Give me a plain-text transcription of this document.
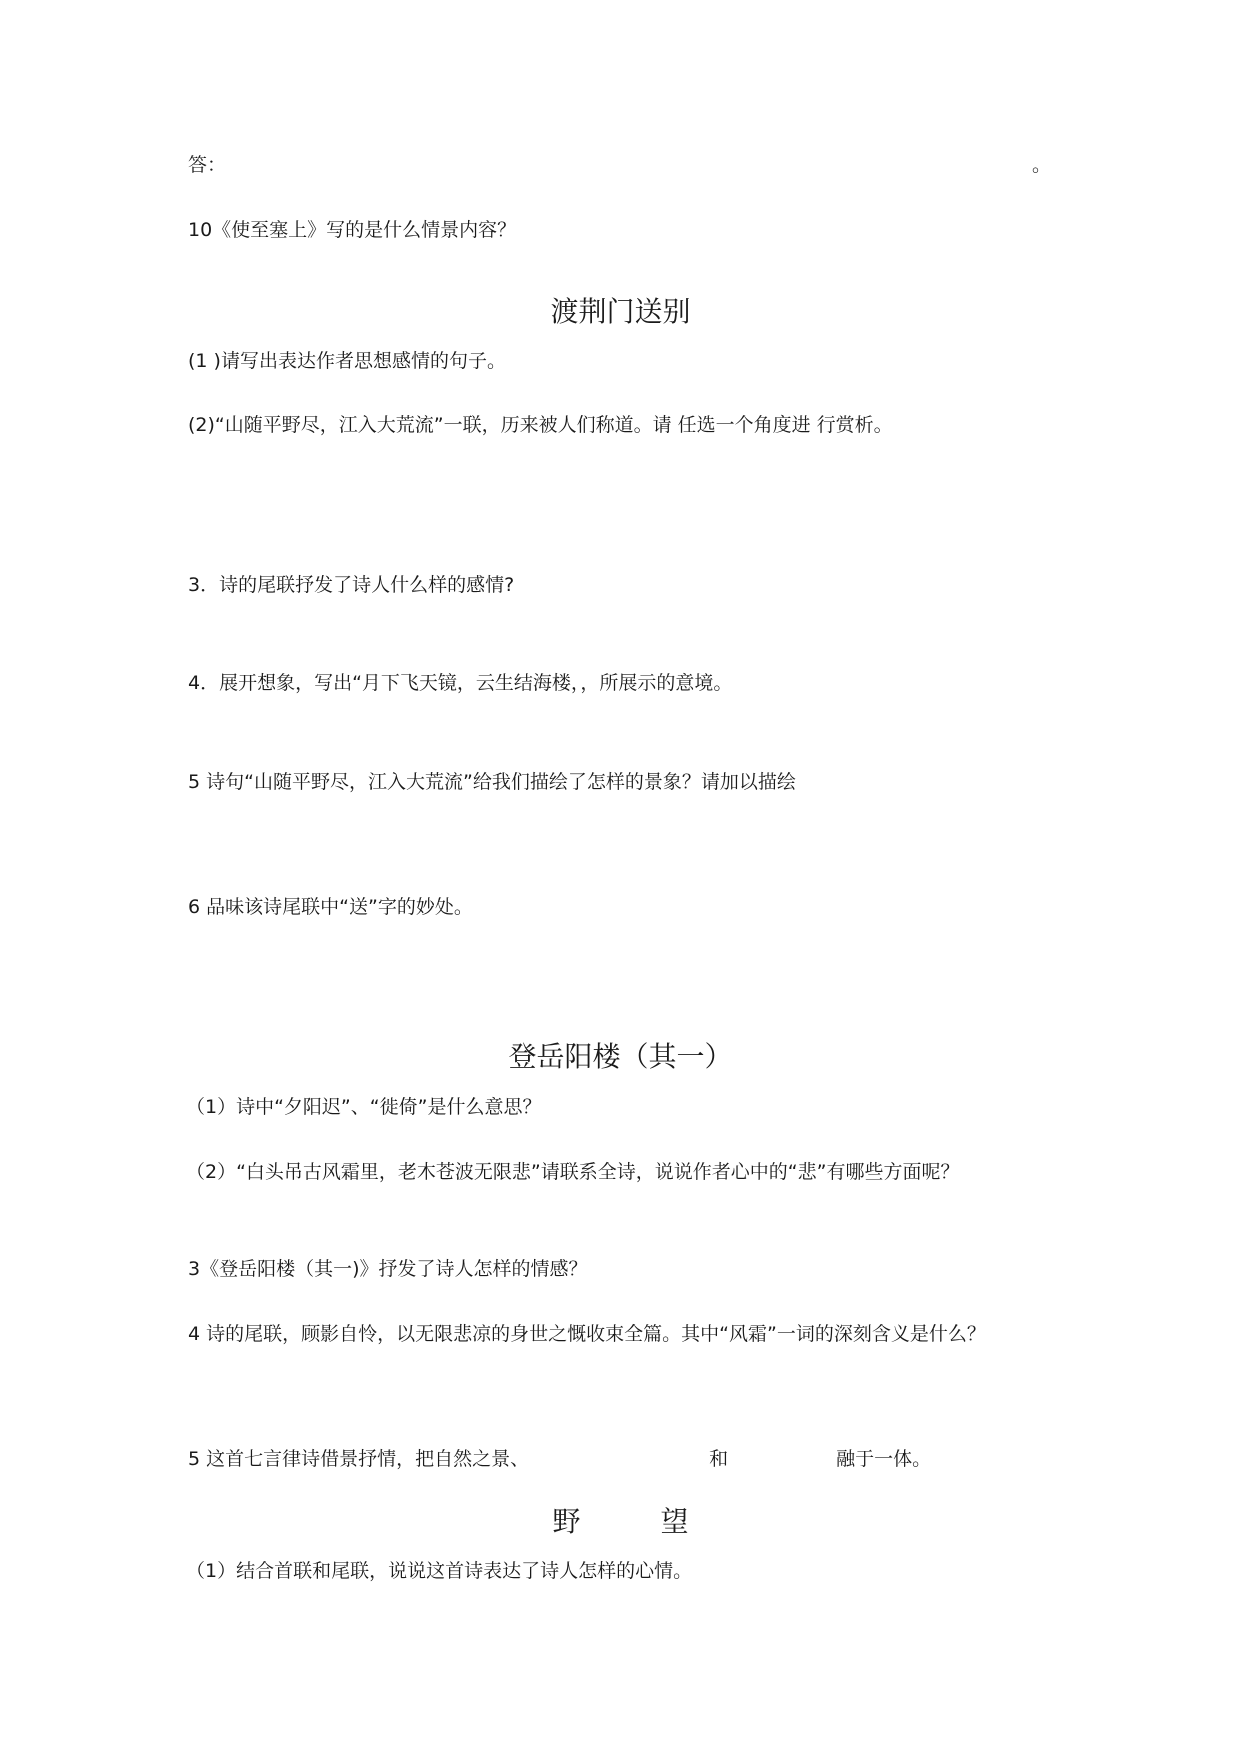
答：	。

10《使至塞上》写的是什么情景内容？

渡荆门送别

(1 )请写出表达作者思想感情的句子。

(2)“山随平野尽，江入大荒流”一联，历来被人们称道。请 任选一个角度进 行赏析。

3．诗的尾联抒发了诗人什么样的感情?

4．展开想象，写出“月下飞天镜，云生结海楼，，所展示的意境。

5 诗句“山随平野尽，江入大荒流”给我们描绘了怎样的景象？请加以描绘

6 品味该诗尾联中“送”字的妙处。

登岳阳楼（其一）

（1）诗中“夕阳迟”、“徙倚”是什么意思？

（2）“白头吊古风霜里，老木苍波无限悲”请联系全诗，说说作者心中的“悲”有哪些方面呢？

3《登岳阳楼（其一)》抒发了诗人怎样的情感？

4 诗的尾联，顾影自怜，以无限悲凉的身世之慨收束全篇。其中“风霜”一词的深刻含义是什么？

5 这首七言律诗借景抒情，把自然之景、	和	融于一体。

野	望

（1）结合首联和尾联，说说这首诗表达了诗人怎样的心情。
